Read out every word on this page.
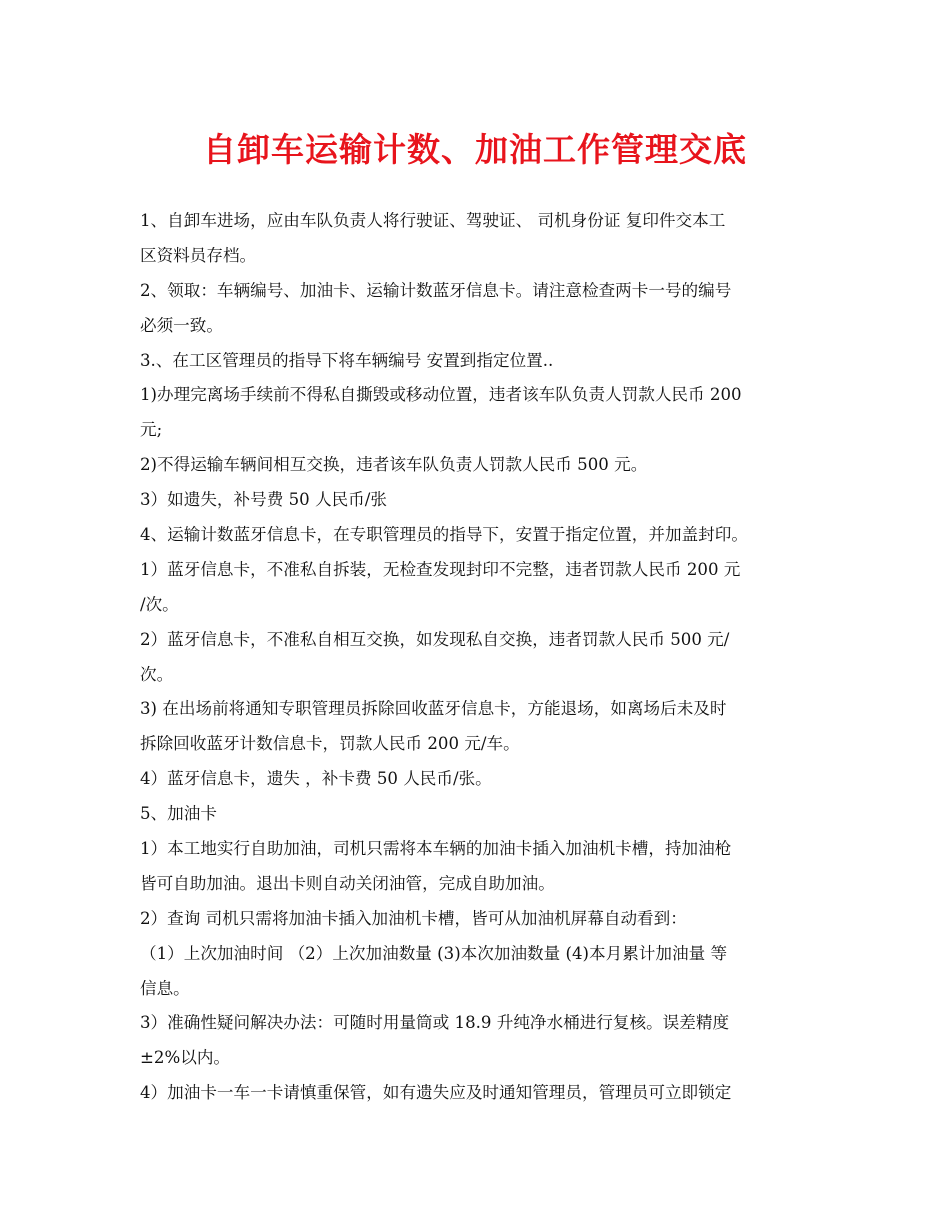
自卸车运输计数、加油工作管理交底
1、自卸车进场，应由车队负责人将行驶证、驾驶证、 司机身份证 复印件交本工
区资料员存档。
2、领取：车辆编号、加油卡、运输计数蓝牙信息卡。请注意检查两卡一号的编号
必须一致。
3.、在工区管理员的指导下将车辆编号 安置到指定位置..
1)办理完离场手续前不得私自撕毁或移动位置，违者该车队负责人罚款人民币 200
元;
2)不得运输车辆间相互交换，违者该车队负责人罚款人民币 500 元。
3）如遗失，补号费 50 人民币/张
4、运输计数蓝牙信息卡，在专职管理员的指导下，安置于指定位置，并加盖封印。
1）蓝牙信息卡，不准私自拆装，无检查发现封印不完整，违者罚款人民币 200 元
/次。
2）蓝牙信息卡，不准私自相互交换，如发现私自交换，违者罚款人民币 500 元/
次。
3) 在出场前将通知专职管理员拆除回收蓝牙信息卡，方能退场，如离场后未及时
拆除回收蓝牙计数信息卡，罚款人民币 200 元/车。
4）蓝牙信息卡，遗失 ，补卡费 50 人民币/张。
5、加油卡
1）本工地实行自助加油，司机只需将本车辆的加油卡插入加油机卡槽，持加油枪
皆可自助加油。退出卡则自动关闭油管，完成自助加油。
2）查询 司机只需将加油卡插入加油机卡槽，皆可从加油机屏幕自动看到：
（1）上次加油时间 （2）上次加油数量 (3)本次加油数量 (4)本月累计加油量 等
信息。
3）准确性疑问解决办法：可随时用量筒或 18.9 升纯净水桶进行复核。误差精度
±2%以内。
4）加油卡一车一卡请慎重保管，如有遗失应及时通知管理员，管理员可立即锁定
